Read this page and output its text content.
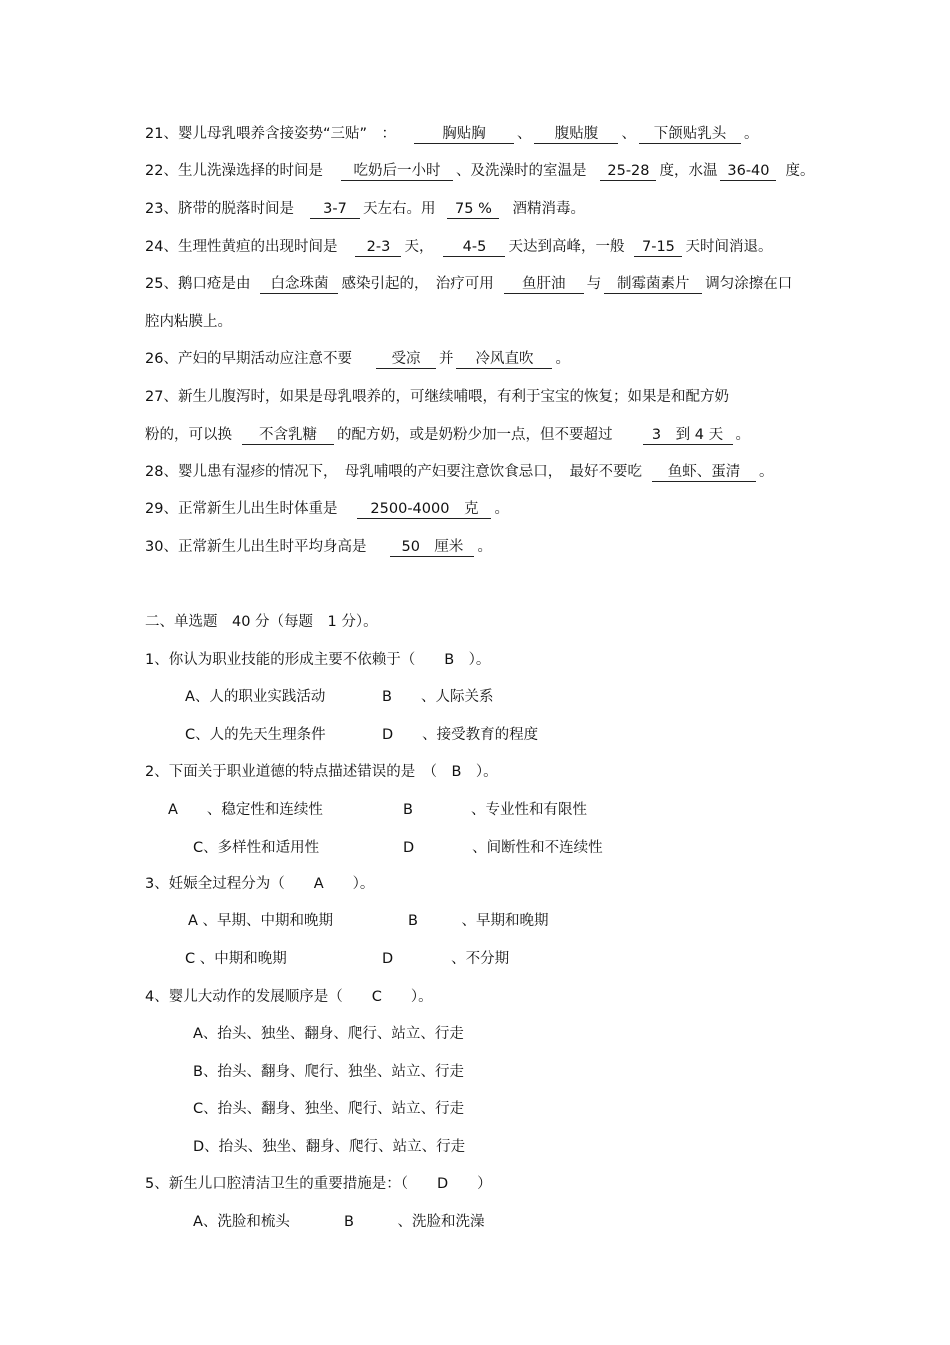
21、婴儿母乳喂养含接姿势“三贴”　：	胸贴胸 、 腹贴腹 、 下颌贴乳头 。
22、生儿洗澡选择的时间是 吃奶后一小时 、及洗澡时的室温是 25-28 度，水温 36-40 度。
23、脐带的脱落时间是 3-7 天左右。用 75 % 酒精消毒。
24、生理性黄疸的出现时间是 2-3 天， 4-5 天达到高峰，一般 7-15 天时间消退。
25、鹅口疮是由 白念珠菌 感染引起的，　治疗可用 鱼肝油 与 制霉菌素片 调匀涂擦在口
腔内粘膜上。
26、产妇的早期活动应注意不要	受凉 并 冷风直吹 。
27、新生儿腹泻时，如果是母乳喂养的，可继续哺喂，有利于宝宝的恢复；如果是和配方奶
粉的，可以换 不含乳糖 的配方奶，或是奶粉少加一点，但不要超过	3　到 4 天 。
28、婴儿患有湿疹的情况下，　母乳哺喂的产妇要注意饮食忌口，　最好不要吃 鱼虾、蛋清 。
29、正常新生儿出生时体重是 2500-4000　克 。
30、正常新生儿出生时平均身高是 50　厘米 。
二、单选题　40 分（每题　1 分）。
1、你认为职业技能的形成主要不依赖于（　　B　）。
A、人的职业实践活动	B　　、人际关系
C、人的先天生理条件	D　　、接受教育的程度
2、下面关于职业道德的特点描述错误的是　（　B　）。
A　　、稳定性和连续性	B　　　　、专业性和有限性
C、多样性和适用性	D　　　　、间断性和不连续性
3、妊娠全过程分为（　　A　　）。
A 、早期、中期和晚期	B　　　、早期和晚期
C 、中期和晚期	D　　　　、不分期
4、婴儿大动作的发展顺序是（　　C　　）。
A、抬头、独坐、翻身、爬行、站立、行走
B、抬头、翻身、爬行、独坐、站立、行走
C、抬头、翻身、独坐、爬行、站立、行走
D、抬头、独坐、翻身、爬行、站立、行走
5、新生儿口腔清洁卫生的重要措施是：（　　D　　）
A、洗脸和梳头	B　　　、洗脸和洗澡
